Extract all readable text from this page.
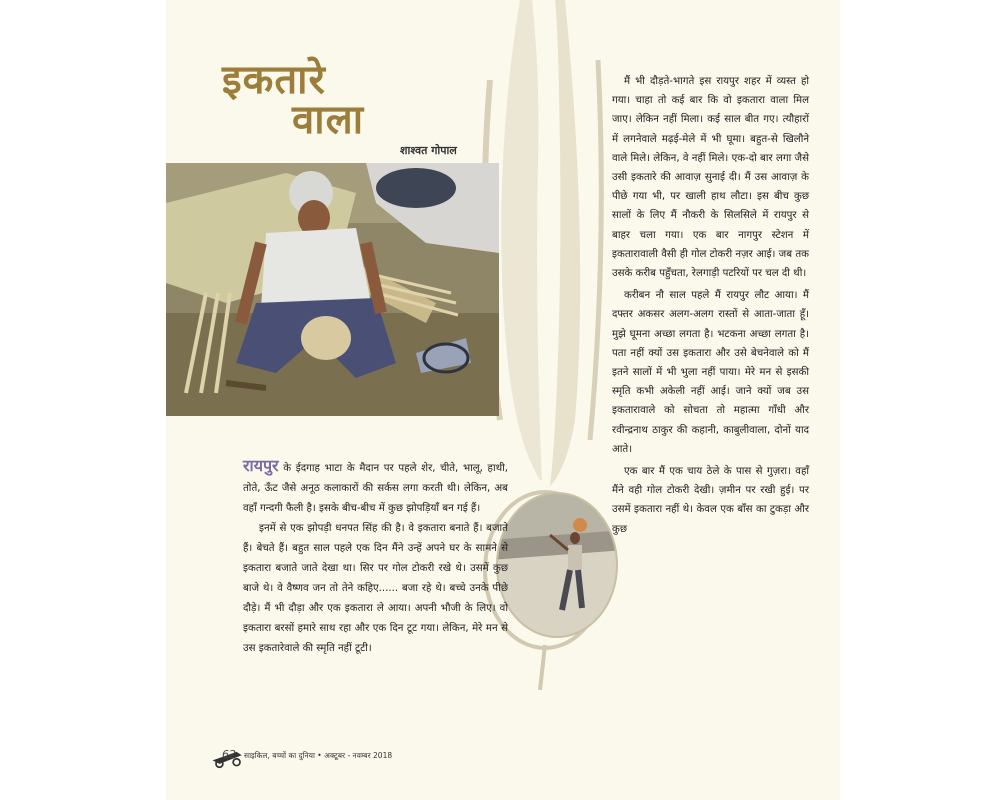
इकतारे
वाला
शाश्वत गोपाल

मैं भी दौड़ते-भागते इस रायपुर शहर में व्यस्त हो गया। चाहा तो कई बार कि वो इकतारा वाला मिल जाए। लेकिन नहीं मिला। कई साल बीत गए। त्यौहारों में लगनेवाले मढ़ई-मेले में भी घूमा। बहुत-से खिलौने वाले मिले। लेकिन, वे नहीं मिले। एक-दो बार लगा जैसे उसी इकतारे की आवाज़ सुनाई दी। मैं उस आवाज़ के पीछे गया भी, पर खाली हाथ लौटा। इस बीच कुछ सालों के लिए मैं नौकरी के सिलसिले में रायपुर से बाहर चला गया। एक बार नागपुर स्टेशन में इकतारावाली वैसी ही गोल टोकरी नज़र आई। जब तक उसके करीब पहुँचता, रेलगाड़ी पटरियों पर चल दी थी।

करीबन नौ साल पहले मैं रायपुर लौट आया। मैं दफ्तर अकसर अलग-अलग रास्तों से आता-जाता हूँ। मुझे घूमना अच्छा लगता है। भटकना अच्छा लगता है। पता नहीं क्यों उस इकतारा और उसे बेचनेवाले को मैं इतने सालों में भी भुला नहीं पाया। मेरे मन से इसकी स्मृति कभी अकेली नहीं आई। जाने क्यों जब उस इकतारावाले को सोचता तो महात्मा गाँधी और रवीन्द्रनाथ ठाकुर की कहानी, काबुलीवाला, दोनों याद आते।

एक बार मैं एक चाय ठेले के पास से गुज़रा। वहाँ मैंने वही गोल टोकरी देखी। ज़मीन पर रखी हुई। पर उसमें इकतारा नहीं थे। केवल एक बाँस का टुकड़ा और कुछ

रायपुर के ईदगाह भाटा के मैदान पर पहले शेर, चीते, भालू, हाथी, तोते, ऊँट जैसे अनूठ कलाकारों की सर्कस लगा करती थी। लेकिन, अब वहाँ गन्दगी फैली है। इसके बीच-बीच में कुछ झोपड़ियाँ बन गई हैं।

इनमें से एक झोपड़ी धनपत सिंह की है। वे इकतारा बनाते हैं। बजाते हैं। बेचते हैं। बहुत साल पहले एक दिन मैंने उन्हें अपने घर के सामने से इकतारा बजाते जाते देखा था। सिर पर गोल टोकरी रखे थे। उसमें कुछ बाजे थे। वे वैष्णव जन तो तेने कहिए...... बजा रहे थे। बच्चे उनके पीछे दौड़े। मैं भी दौड़ा और एक इकतारा ले आया। अपनी भौजी के लिए। वो इकतारा बरसों हमारे साथ रहा और एक दिन टूट गया। लेकिन, मेरे मन से उस इकतारेवाले की स्मृति नहीं टूटी।

62 साइकिल, बच्चों का दुनिया • अक्टूबर - नवम्बर 2018
